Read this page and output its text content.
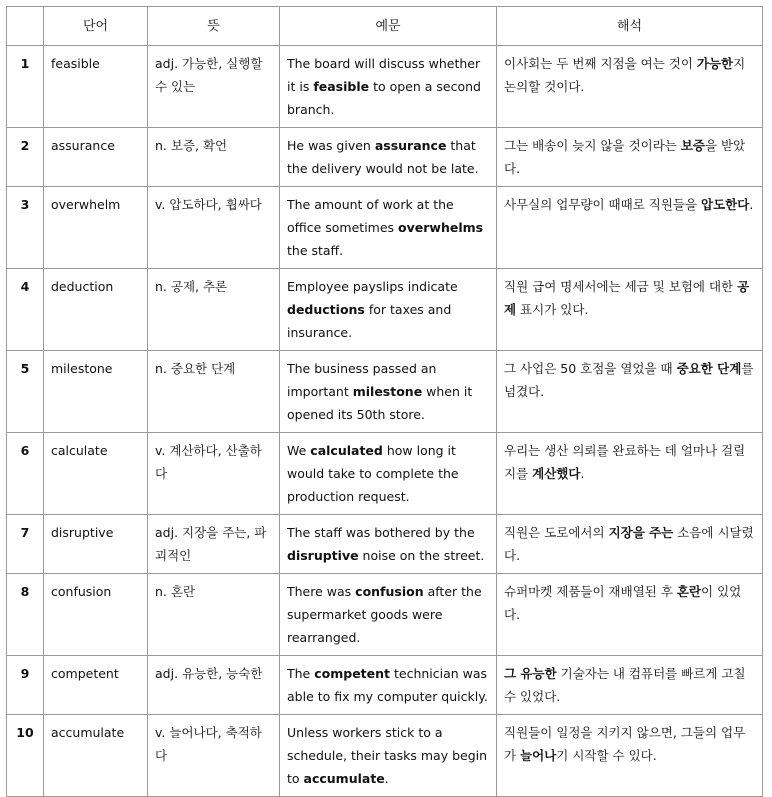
	단어	뜻	예문	해석
1	feasible	adj. 가능한, 실행할 수 있는	The board will discuss whether it is feasible to open a second branch.	이사회는 두 번째 지점을 여는 것이 가능한지 논의할 것이다.
2	assurance	n. 보증, 확언	He was given assurance that the delivery would not be late.	그는 배송이 늦지 않을 것이라는 보증을 받았다.
3	overwhelm	v. 압도하다, 휩싸다	The amount of work at the office sometimes overwhelms the staff.	사무실의 업무량이 때때로 직원들을 압도한다.
4	deduction	n. 공제, 추론	Employee payslips indicate deductions for taxes and insurance.	직원 급여 명세서에는 세금 및 보험에 대한 공제 표시가 있다.
5	milestone	n. 중요한 단계	The business passed an important milestone when it opened its 50th store.	그 사업은 50 호점을 열었을 때 중요한 단계를 넘겼다.
6	calculate	v. 계산하다, 산출하다	We calculated how long it would take to complete the production request.	우리는 생산 의뢰를 완료하는 데 얼마나 걸릴지를 계산했다.
7	disruptive	adj. 지장을 주는, 파괴적인	The staff was bothered by the disruptive noise on the street.	직원은 도로에서의 지장을 주는 소음에 시달렸다.
8	confusion	n. 혼란	There was confusion after the supermarket goods were rearranged.	슈퍼마켓 제품들이 재배열된 후 혼란이 있었다.
9	competent	adj. 유능한, 능숙한	The competent technician was able to fix my computer quickly.	그 유능한 기술자는 내 컴퓨터를 빠르게 고칠 수 있었다.
10	accumulate	v. 늘어나다, 축적하다	Unless workers stick to a schedule, their tasks may begin to accumulate.	직원들이 일정을 지키지 않으면, 그들의 업무가 늘어나기 시작할 수 있다.
